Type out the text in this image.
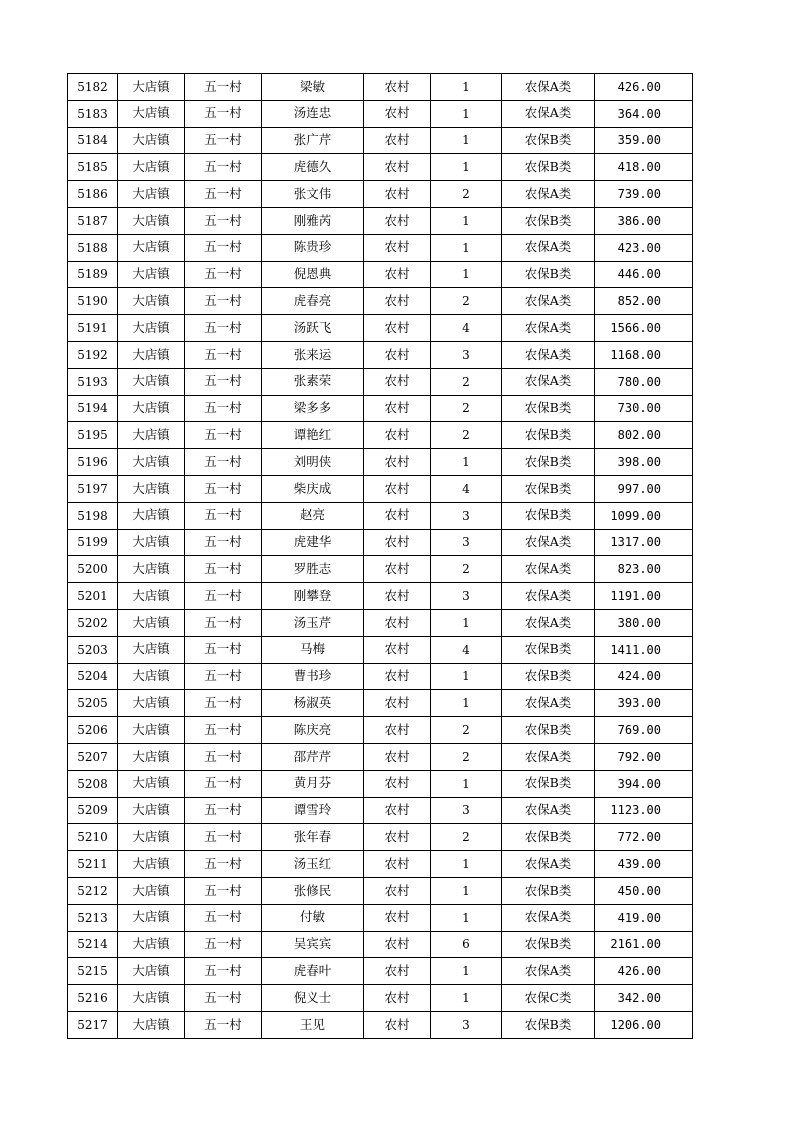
5182	大店镇	五一村	梁敏	农村	1	农保A类	426.00
5183	大店镇	五一村	汤连忠	农村	1	农保A类	364.00
5184	大店镇	五一村	张广芹	农村	1	农保B类	359.00
5185	大店镇	五一村	虎德久	农村	1	农保B类	418.00
5186	大店镇	五一村	张文伟	农村	2	农保A类	739.00
5187	大店镇	五一村	刚雅芮	农村	1	农保B类	386.00
5188	大店镇	五一村	陈贵珍	农村	1	农保A类	423.00
5189	大店镇	五一村	倪恩典	农村	1	农保B类	446.00
5190	大店镇	五一村	虎春亮	农村	2	农保A类	852.00
5191	大店镇	五一村	汤跃飞	农村	4	农保A类	1566.00
5192	大店镇	五一村	张来运	农村	3	农保A类	1168.00
5193	大店镇	五一村	张素荣	农村	2	农保A类	780.00
5194	大店镇	五一村	梁多多	农村	2	农保B类	730.00
5195	大店镇	五一村	谭艳红	农村	2	农保B类	802.00
5196	大店镇	五一村	刘明侠	农村	1	农保B类	398.00
5197	大店镇	五一村	柴庆成	农村	4	农保B类	997.00
5198	大店镇	五一村	赵亮	农村	3	农保B类	1099.00
5199	大店镇	五一村	虎建华	农村	3	农保A类	1317.00
5200	大店镇	五一村	罗胜志	农村	2	农保A类	823.00
5201	大店镇	五一村	刚攀登	农村	3	农保A类	1191.00
5202	大店镇	五一村	汤玉芹	农村	1	农保A类	380.00
5203	大店镇	五一村	马梅	农村	4	农保B类	1411.00
5204	大店镇	五一村	曹书珍	农村	1	农保B类	424.00
5205	大店镇	五一村	杨淑英	农村	1	农保A类	393.00
5206	大店镇	五一村	陈庆亮	农村	2	农保B类	769.00
5207	大店镇	五一村	邵芹芹	农村	2	农保A类	792.00
5208	大店镇	五一村	黄月芬	农村	1	农保B类	394.00
5209	大店镇	五一村	谭雪玲	农村	3	农保A类	1123.00
5210	大店镇	五一村	张年春	农村	2	农保B类	772.00
5211	大店镇	五一村	汤玉红	农村	1	农保A类	439.00
5212	大店镇	五一村	张修民	农村	1	农保B类	450.00
5213	大店镇	五一村	付敏	农村	1	农保A类	419.00
5214	大店镇	五一村	吴宾宾	农村	6	农保B类	2161.00
5215	大店镇	五一村	虎春叶	农村	1	农保A类	426.00
5216	大店镇	五一村	倪义士	农村	1	农保C类	342.00
5217	大店镇	五一村	王见	农村	3	农保B类	1206.00
